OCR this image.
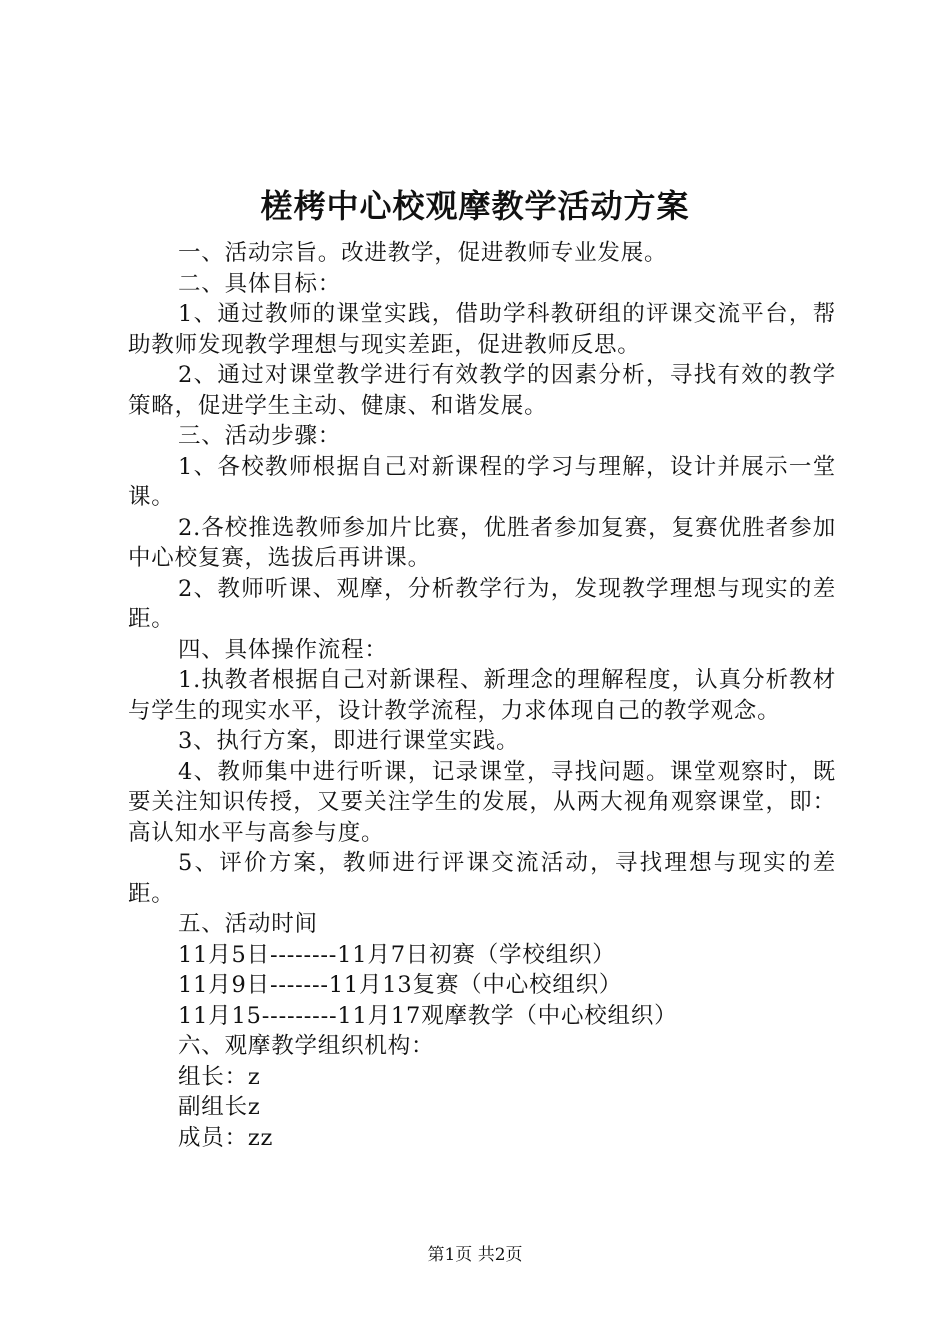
槎栲中心校观摩教学活动方案

一、活动宗旨。改进教学，促进教师专业发展。

二、具体目标：

1、通过教师的课堂实践，借助学科教研组的评课交流平台，帮助教师发现教学理想与现实差距，促进教师反思。

2、通过对课堂教学进行有效教学的因素分析，寻找有效的教学策略，促进学生主动、健康、和谐发展。

三、活动步骤：

1、各校教师根据自己对新课程的学习与理解，设计并展示一堂课。

2.各校推选教师参加片比赛，优胜者参加复赛，复赛优胜者参加中心校复赛，选拔后再讲课。

2、教师听课、观摩，分析教学行为，发现教学理想与现实的差距。

四、具体操作流程：

1.执教者根据自己对新课程、新理念的理解程度，认真分析教材与学生的现实水平，设计教学流程，力求体现自己的教学观念。

3、执行方案，即进行课堂实践。

4、教师集中进行听课，记录课堂，寻找问题。课堂观察时，既要关注知识传授，又要关注学生的发展，从两大视角观察课堂，即：高认知水平与高参与度。

5、评价方案，教师进行评课交流活动，寻找理想与现实的差距。

五、活动时间

11月5日--------11月7日初赛（学校组织）

11月9日-------11月13复赛（中心校组织）

11月15---------11月17观摩教学（中心校组织）

六、观摩教学组织机构：

组长：z

副组长z

成员：zz

第1页 共2页
